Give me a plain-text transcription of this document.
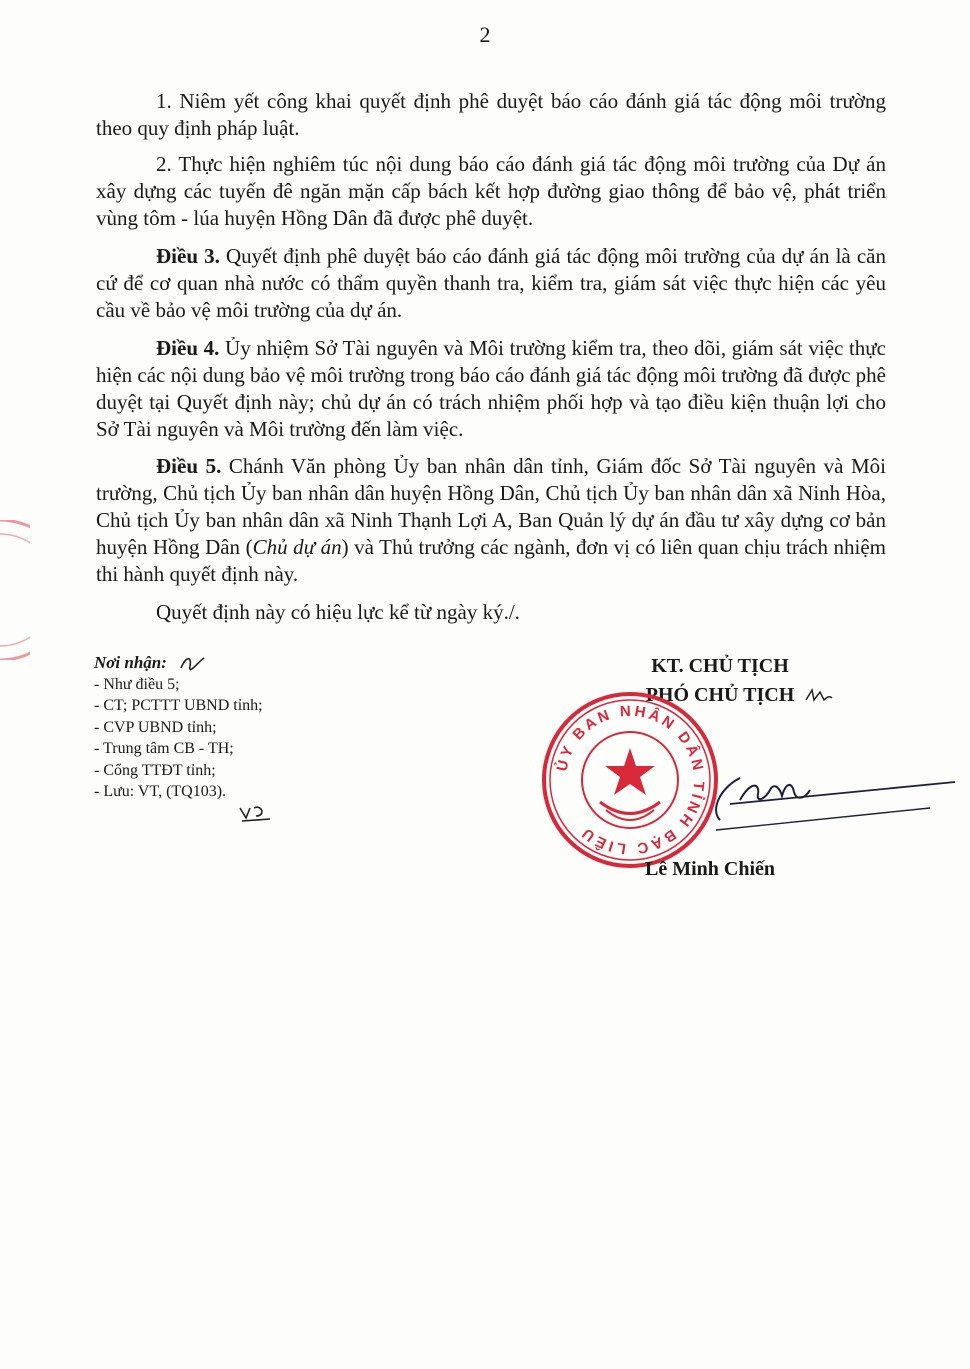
2

1. Niêm yết công khai quyết định phê duyệt báo cáo đánh giá tác động môi trường theo quy định pháp luật.

2. Thực hiện nghiêm túc nội dung báo cáo đánh giá tác động môi trường của Dự án xây dựng các tuyến đê ngăn mặn cấp bách kết hợp đường giao thông để bảo vệ, phát triển vùng tôm - lúa huyện Hồng Dân đã được phê duyệt.

Điều 3. Quyết định phê duyệt báo cáo đánh giá tác động môi trường của dự án là căn cứ để cơ quan nhà nước có thẩm quyền thanh tra, kiểm tra, giám sát việc thực hiện các yêu cầu về bảo vệ môi trường của dự án.

Điều 4. Ủy nhiệm Sở Tài nguyên và Môi trường kiểm tra, theo dõi, giám sát việc thực hiện các nội dung bảo vệ môi trường trong báo cáo đánh giá tác động môi trường đã được phê duyệt tại Quyết định này; chủ dự án có trách nhiệm phối hợp và tạo điều kiện thuận lợi cho Sở Tài nguyên và Môi trường đến làm việc.

Điều 5. Chánh Văn phòng Ủy ban nhân dân tỉnh, Giám đốc Sở Tài nguyên và Môi trường, Chủ tịch Ủy ban nhân dân huyện Hồng Dân, Chủ tịch Ủy ban nhân dân xã Ninh Hòa, Chủ tịch Ủy ban nhân dân xã Ninh Thạnh Lợi A, Ban Quản lý dự án đầu tư xây dựng cơ bản huyện Hồng Dân (Chủ dự án) và Thủ trưởng các ngành, đơn vị có liên quan chịu trách nhiệm thi hành quyết định này.

Quyết định này có hiệu lực kể từ ngày ký./.

Nơi nhận:
- Như điều 5;
- CT; PCTTT UBND tỉnh;
- CVP UBND tỉnh;
- Trung tâm CB - TH;
- Cổng TTĐT tỉnh;
- Lưu: VT, (TQ103).
KT. CHỦ TỊCH
PHÓ CHỦ TỊCH
ỦY BAN NHÂN DÂN TỈNH BẠC LIÊU
Lê Minh Chiến
